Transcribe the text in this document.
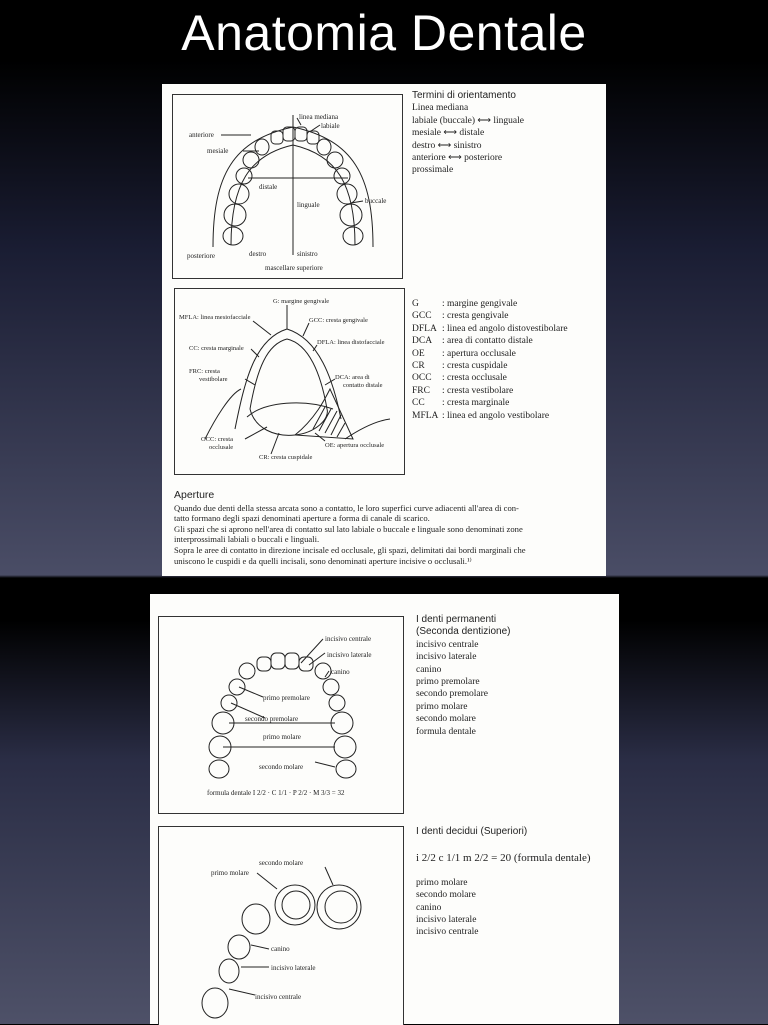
Anatomia Dentale
linea mediana
labiale
anteriore
mesiale
distale
linguale	buccale
posteriore	destro	sinistro
mascellare superiore
Termini di orientamento
Linea mediana
labiale (buccale) ⟷ linguale
mesiale ⟷ distale
destro ⟷ sinistro
anteriore ⟷ posteriore
prossimale
G: margine gengivale
MFLA: linea mesiofacciale	GCC: cresta gengivale
CC: cresta marginale
DFLA: linea distofacciale
FRC: cresta
vestibolare	DCA: area di
contatto distale
OCC: cresta
occlusale	OE: apertura occlusale
CR: cresta cuspidale
G : margine gengivale
GCC : cresta gengivale
DFLA : linea ed angolo distovestibolare
DCA : area di contatto distale
OE : apertura occlusale
CR : cresta cuspidale
OCC : cresta occlusale
FRC : cresta vestibolare
CC : cresta marginale
MFLA : linea ed angolo vestibolare
Aperture
Quando due denti della stessa arcata sono a contatto, le loro superfici curve adiacenti all'area di con-
tatto formano degli spazi denominati aperture a forma di canale di scarico.
Gli spazi che si aprono nell'area di contatto sul lato labiale o buccale e linguale sono denominati zone
interprossimali labiali o buccali e linguali.
Sopra le aree di contatto in direzione incisale ed occlusale, gli spazi, delimitati dai bordi marginali che
uniscono le cuspidi e da quelli incisali, sono denominati aperture incisive o occlusali.¹⁾
incisivo centrale
incisivo laterale
canino
primo premolare
secondo premolare
primo molare
secondo molare
formula dentale I 2/2 · C 1/1 · P 2/2 · M 3/3 = 32
I denti permanenti
(Seconda dentizione)
incisivo centrale
incisivo laterale
canino
primo premolare
secondo premolare
primo molare
secondo molare
formula dentale
secondo molare
primo molare
canino
incisivo laterale
incisivo centrale
I denti decidui (Superiori)
i 2/2 c 1/1 m 2/2 = 20 (formula dentale)
primo molare
secondo molare
canino
incisivo laterale
incisivo centrale
